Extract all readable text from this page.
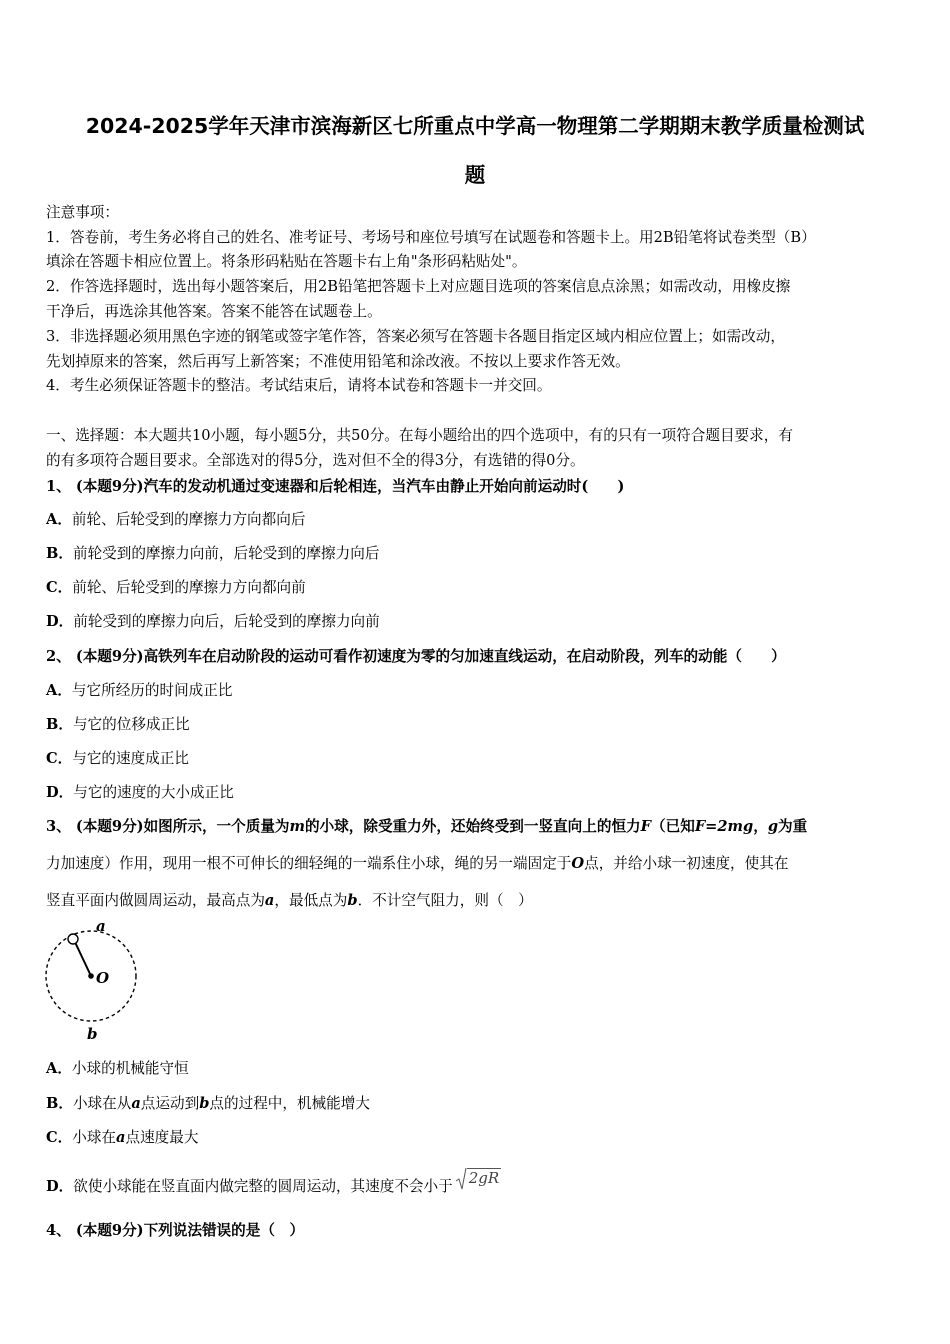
2024-2025学年天津市滨海新区七所重点中学高一物理第二学期期末教学质量检测试
题
注意事项：
1．答卷前，考生务必将自己的姓名、准考证号、考场号和座位号填写在试题卷和答题卡上。用2B铅笔将试卷类型（B）
填涂在答题卡相应位置上。将条形码粘贴在答题卡右上角"条形码粘贴处"。
2．作答选择题时，选出每小题答案后，用2B铅笔把答题卡上对应题目选项的答案信息点涂黑；如需改动，用橡皮擦
干净后，再选涂其他答案。答案不能答在试题卷上。
3．非选择题必须用黑色字迹的钢笔或签字笔作答，答案必须写在答题卡各题目指定区域内相应位置上；如需改动，
先划掉原来的答案，然后再写上新答案；不准使用铅笔和涂改液。不按以上要求作答无效。
4．考生必须保证答题卡的整洁。考试结束后，请将本试卷和答题卡一并交回。
一、选择题：本大题共10小题，每小题5分，共50分。在每小题给出的四个选项中，有的只有一项符合题目要求，有
的有多项符合题目要求。全部选对的得5分，选对但不全的得3分，有选错的得0分。
1、 (本题9分)汽车的发动机通过变速器和后轮相连，当汽车由静止开始向前运动时(　　)
A．前轮、后轮受到的摩擦力方向都向后
B．前轮受到的摩擦力向前，后轮受到的摩擦力向后
C．前轮、后轮受到的摩擦力方向都向前
D．前轮受到的摩擦力向后，后轮受到的摩擦力向前
2、 (本题9分)高铁列车在启动阶段的运动可看作初速度为零的匀加速直线运动，在启动阶段，列车的动能（　　）
A．与它所经历的时间成正比
B．与它的位移成正比
C．与它的速度成正比
D．与它的速度的大小成正比
3、 (本题9分)如图所示，一个质量为m的小球，除受重力外，还始终受到一竖直向上的恒力F（已知F=2mg，g为重
力加速度）作用，现用一根不可伸长的细轻绳的一端系住小球，绳的另一端固定于O点，并给小球一初速度，使其在
竖直平面内做圆周运动，最高点为a，最低点为b．不计空气阻力，则（　）
a
O
b
A．小球的机械能守恒
B．小球在从a点运动到b点的过程中，机械能增大
C．小球在a点速度最大
D．欲使小球能在竖直面内做完整的圆周运动，其速度不会小于 2gR
4、 (本题9分)下列说法错误的是（　）
